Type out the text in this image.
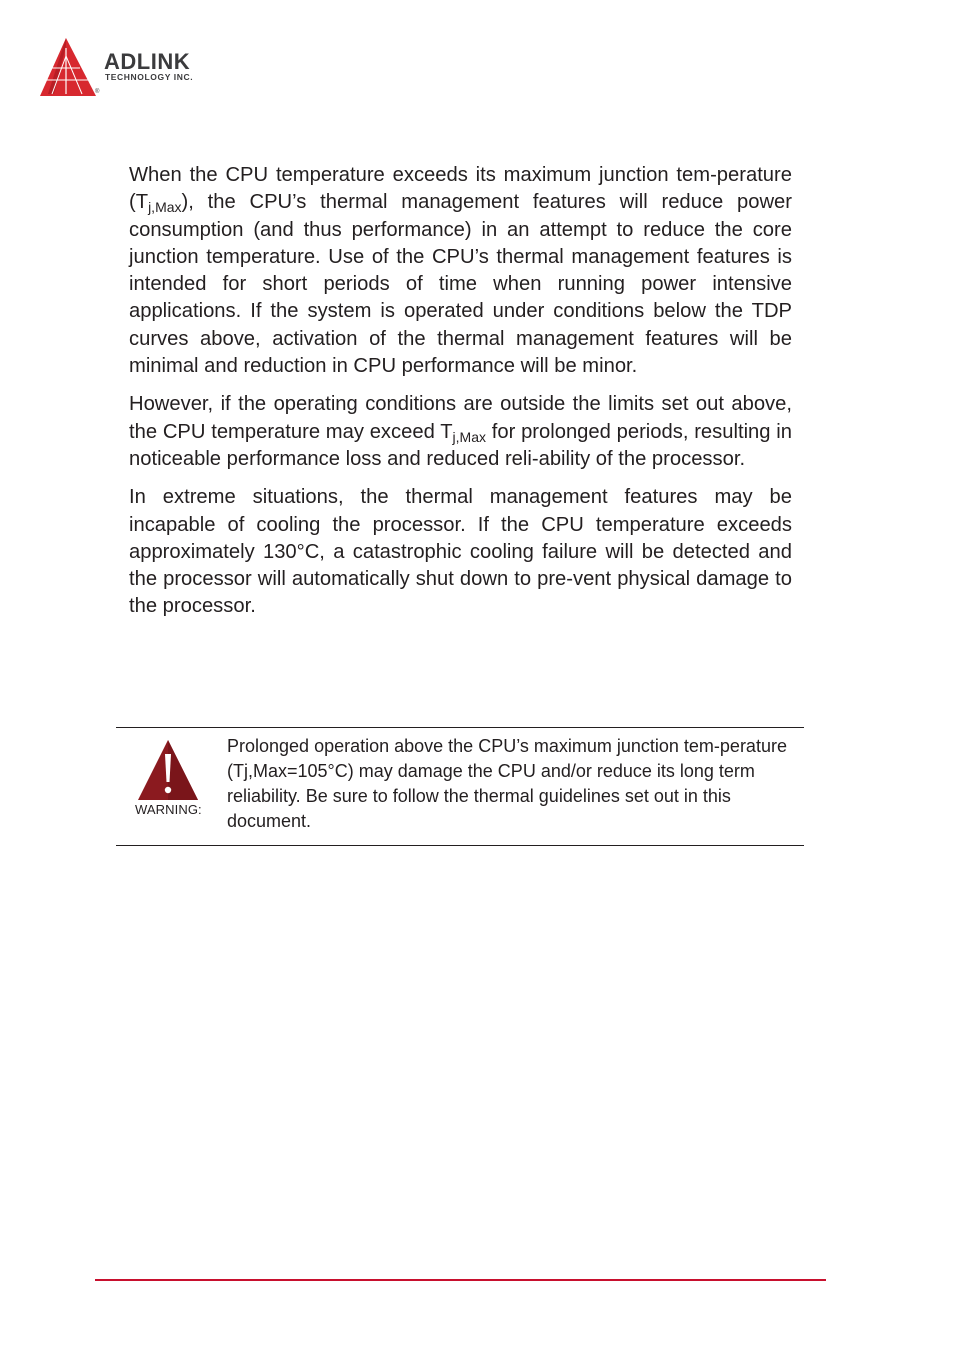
ADLINK
TECHNOLOGY INC.
®

When the CPU temperature exceeds its maximum junction tem-perature $(T_{j,Max})$, the CPU’s thermal management features will reduce power consumption (and thus performance) in an attempt to reduce the core junction temperature. Use of the CPU’s thermal management features is intended for short periods of time when running power intensive applications. If the system is operated under conditions below the TDP curves above, activation of the thermal management features will be minimal and reduction in CPU performance will be minor.

However, if the operating conditions are outside the limits set out above, the CPU temperature may exceed $T_{j,Max}$ for prolonged periods, resulting in noticeable performance loss and reduced reli-ability of the processor.

In extreme situations, the thermal management features may be incapable of cooling the processor. If the CPU temperature exceeds approximately 130°C, a catastrophic cooling failure will be detected and the processor will automatically shut down to pre-vent physical damage to the processor.

WARNING:

Prolonged operation above the CPU’s maximum junction tem-perature (Tj,Max=105°C) may damage the CPU and/or reduce its long term reliability. Be sure to follow the thermal guidelines set out in this document.
